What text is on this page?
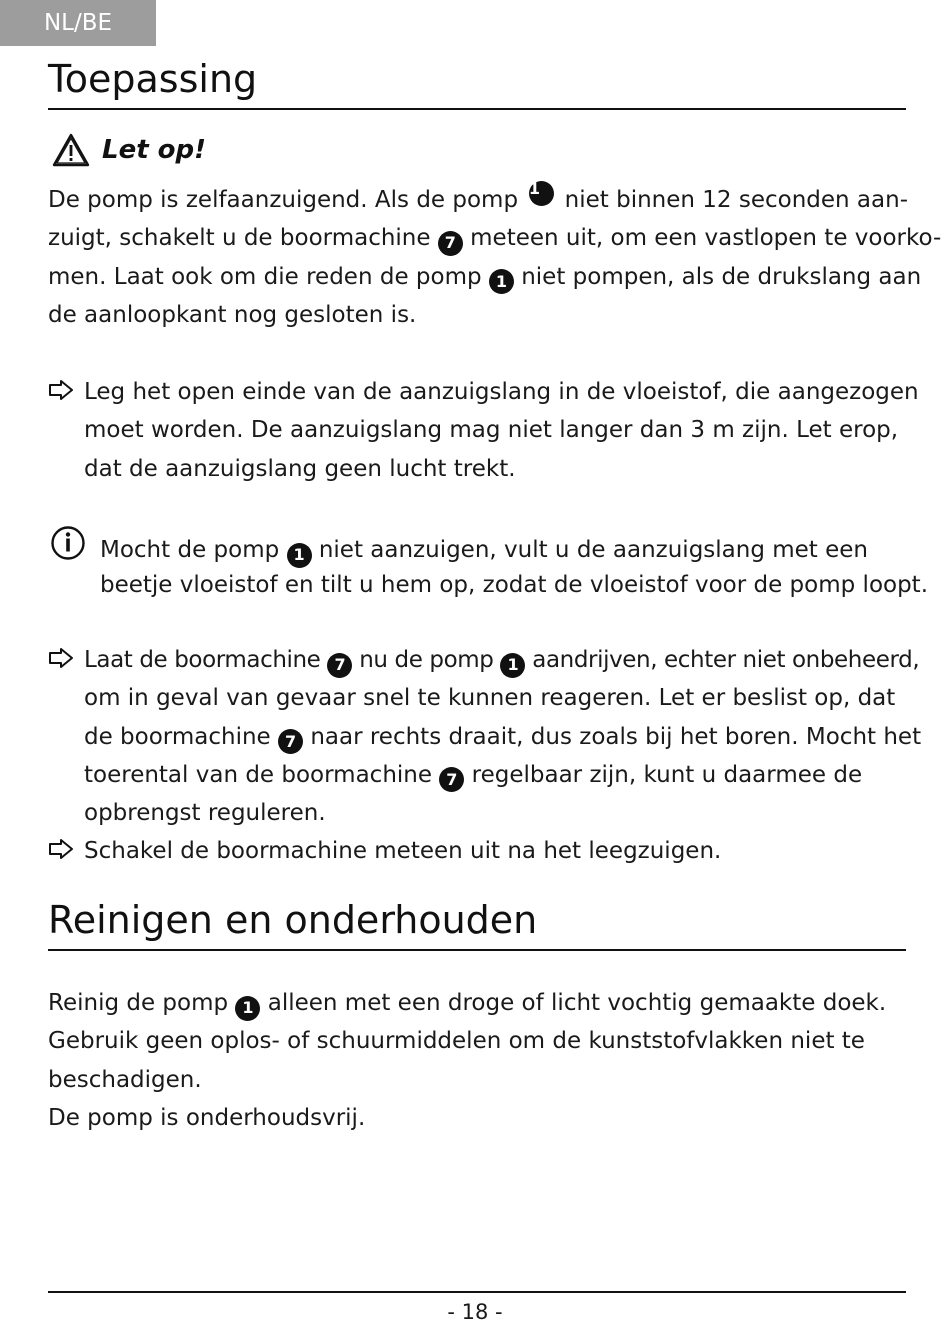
NL/BE
Toepassing
Let op!
De pomp is zelfaanzuigend. Als de pomp 1	niet binnen 12 seconden aan-
zuigt, schakelt u de boormachine 7 meteen uit, om een vastlopen te voorko-
men. Laat ook om die reden de pomp 1 niet pompen, als de drukslang aan
de aanloopkant nog gesloten is.
Leg het open einde van de aanzuigslang in de vloeistof, die aangezogen
moet worden. De aanzuigslang mag niet langer dan 3 m zijn. Let erop,
dat de aanzuigslang geen lucht trekt.
Mocht de pomp 1 niet aanzuigen, vult u de aanzuigslang met een
beetje vloeistof en tilt u hem op, zodat de vloeistof voor de pomp loopt.
Laat de boormachine 7 nu de pomp 1 aandrijven, echter niet onbeheerd,
om in geval van gevaar snel te kunnen reageren. Let er beslist op, dat
de boormachine 7 naar rechts draait, dus zoals bij het boren. Mocht het
toerental van de boormachine 7 regelbaar zijn, kunt u daarmee de
opbrengst reguleren.
Schakel de boormachine meteen uit na het leegzuigen.
Reinigen en onderhouden
Reinig de pomp 1 alleen met een droge of licht vochtig gemaakte doek.
Gebruik geen oplos- of schuurmiddelen om de kunststofvlakken niet te
beschadigen.
De pomp is onderhoudsvrij.
- 18 -
